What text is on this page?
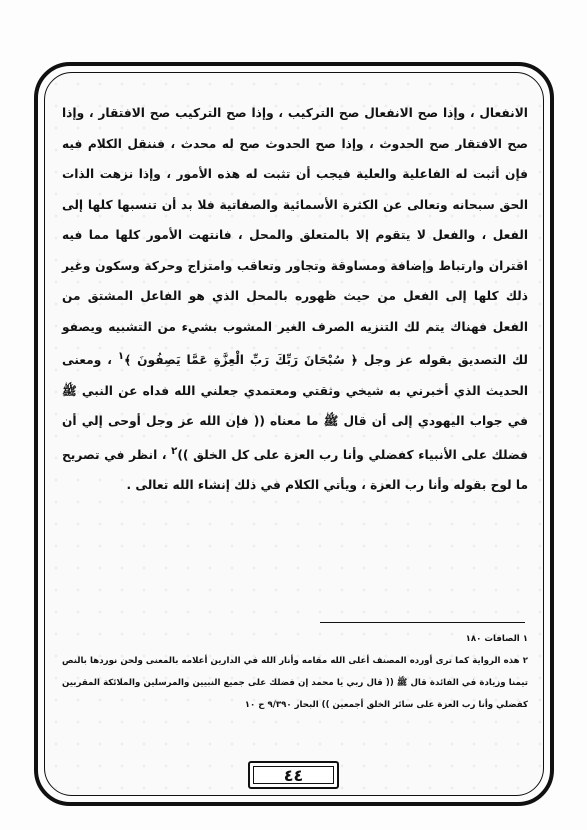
الانفعال ، وإذا صح الانفعال صح التركيب ، وإذا صح التركيب صح الافتقار ، وإذا صح الافتقار صح الحدوث ، وإذا صح الحدوث صح له محدث ، فننقل الكلام فيه فإن أثبت له الفاعلية والعلية فيجب أن تثبت له هذه الأمور ، وإذا نزهت الذات الحق سبحانه وتعالى عن الكثرة الأسمائية والصفاتية فلا بد أن تنسبها كلها إلى الفعل ، والفعل لا يتقوم إلا بالمتعلق والمحل ، فانتهت الأمور كلها مما فيه اقتران وارتباط وإضافة ومساوقة وتجاور وتعاقب وامتزاج وحركة وسكون وغير ذلك كلها إلى الفعل من حيث ظهوره بالمحل الذي هو الفاعل المشتق من الفعل فهناك يتم لك التنزيه الصرف الغير المشوب بشيء من التشبيه ويصفو لك التصديق بقوله عز وجل ﴿ سُبْحَانَ رَبِّكَ رَبِّ الْعِزَّةِ عَمَّا يَصِفُونَ ﴾$^١$ ، ومعنى الحديث الذي أخبرني به شيخي وثقتي ومعتمدي جعلني الله فداه عن النبي ﷺ في جواب اليهودي إلى أن قال ﷺ ما معناه (( فإن الله عز وجل أوحى إلي أن فضلك على الأنبياء كفضلي وأنا رب العزة على كل الخلق ))$^٢$ ، انظر في تصريح ما لوح بقوله وأنا رب العزة ، ويأتي الكلام في ذلك إنشاء الله تعالى .

١ الصافات ١٨٠

٢ هذه الرواية كما ترى أورده المصنف أعلى الله مقامه وأنار الله في الدارين أعلامه بالمعنى ولحن نوردها بالنص تيمنا وزيادة في الفائدة قال ﷺ (( قال ربي يا محمد إن فضلك على جميع النبيين والمرسلين والملائكة المقربين كفضلي وأنا رب العزة على سائر الخلق أجمعين )) البحار ٩/٣٩٠ ح ١٠

٤٤
